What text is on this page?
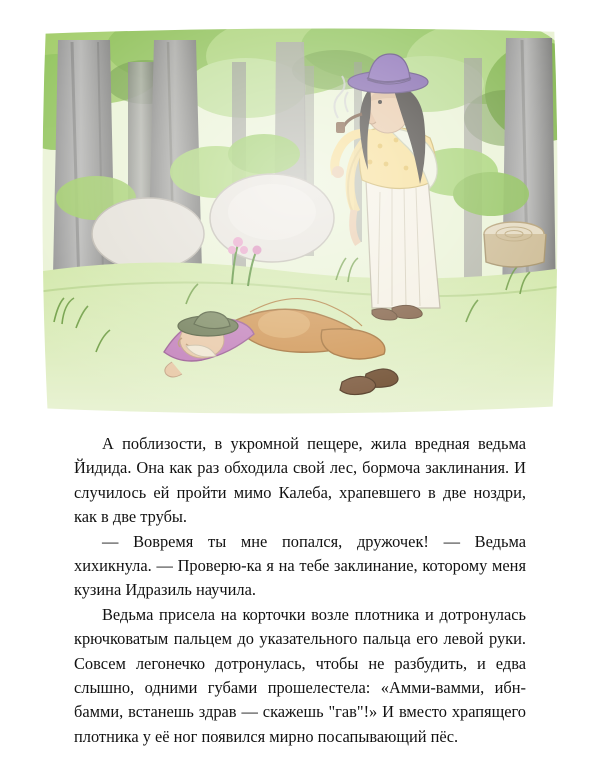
А поблизости, в укромной пещере, жила вредная ведьма Йидида. Она как раз обходила свой лес, бормоча заклинания. И случилось ей пройти мимо Калеба, храпевшего в две ноздри, как в две трубы.

— Вовремя ты мне попался, дружочек! — Ведьма хихикнула. — Проверю-ка я на тебе заклинание, которому меня кузина Идразиль научила.

Ведьма присела на корточки возле плотника и дотронулась крючковатым пальцем до указательного пальца его левой руки. Совсем легонечко дотронулась, чтобы не разбудить, и едва слышно, одними губами прошелестела: «Амми-вамми, ибн-бамми, встанешь здрав — скажешь "гав"!» И вместо храпящего плотника у её ног появился мирно посапывающий пёс.
